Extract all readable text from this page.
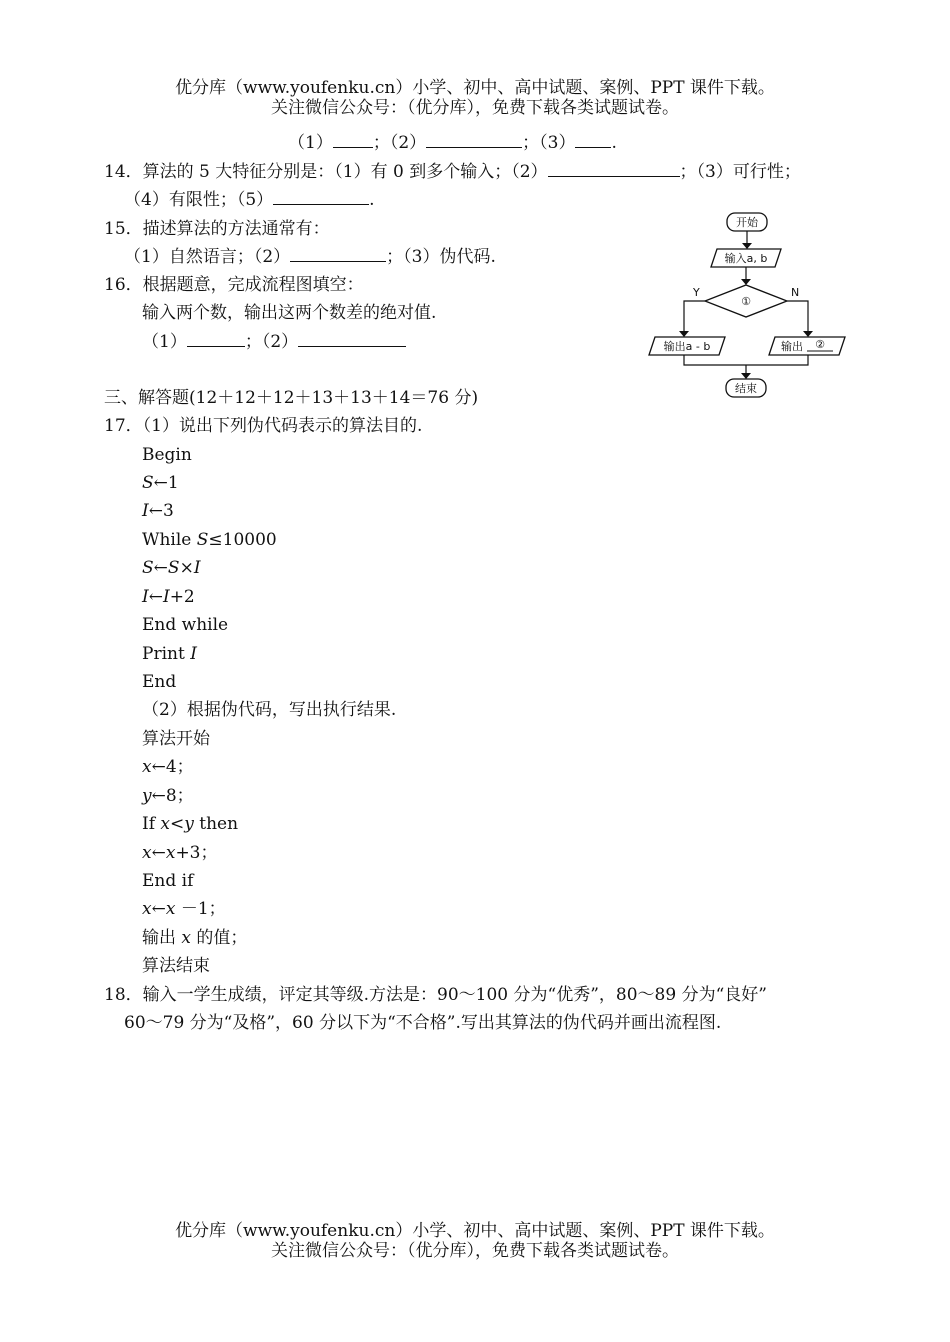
优分库（www.youfenku.cn）小学、初中、高中试题、案例、PPT 课件下载。
关注微信公众号：（优分库），免费下载各类试题试卷。
（1） ；（2）	；（3） .
14．算法的 5 大特征分别是：（1）有 0 到多个输入；（2）	；（3）可行性；
（4）有限性；（5）	.
15．描述算法的方法通常有：
（1）自然语言；（2）	；（3）伪代码.
16．根据题意，完成流程图填空：
输入两个数，输出这两个数差的绝对值.
（1）	；（2）
开始
输入a, b
①
Y	N
输出a - b	输出 ②
结束
三、解答题(12＋12＋12＋13＋13＋14＝76 分)
17．（1）说出下列伪代码表示的算法目的.
Begin
S←1
I←3
While S≤10000
S←S×I
I←I+2
End while
Print I
End
（2）根据伪代码，写出执行结果.
算法开始
x←4；
y←8；
If x<y then
x←x+3；
End if
x←x －1；
输出 x 的值；
算法结束
18．输入一学生成绩，评定其等级.方法是：90～100 分为“优秀”，80～89 分为“良好”
60～79 分为“及格”，60 分以下为“不合格”.写出其算法的伪代码并画出流程图.
优分库（www.youfenku.cn）小学、初中、高中试题、案例、PPT 课件下载。
关注微信公众号：（优分库），免费下载各类试题试卷。
